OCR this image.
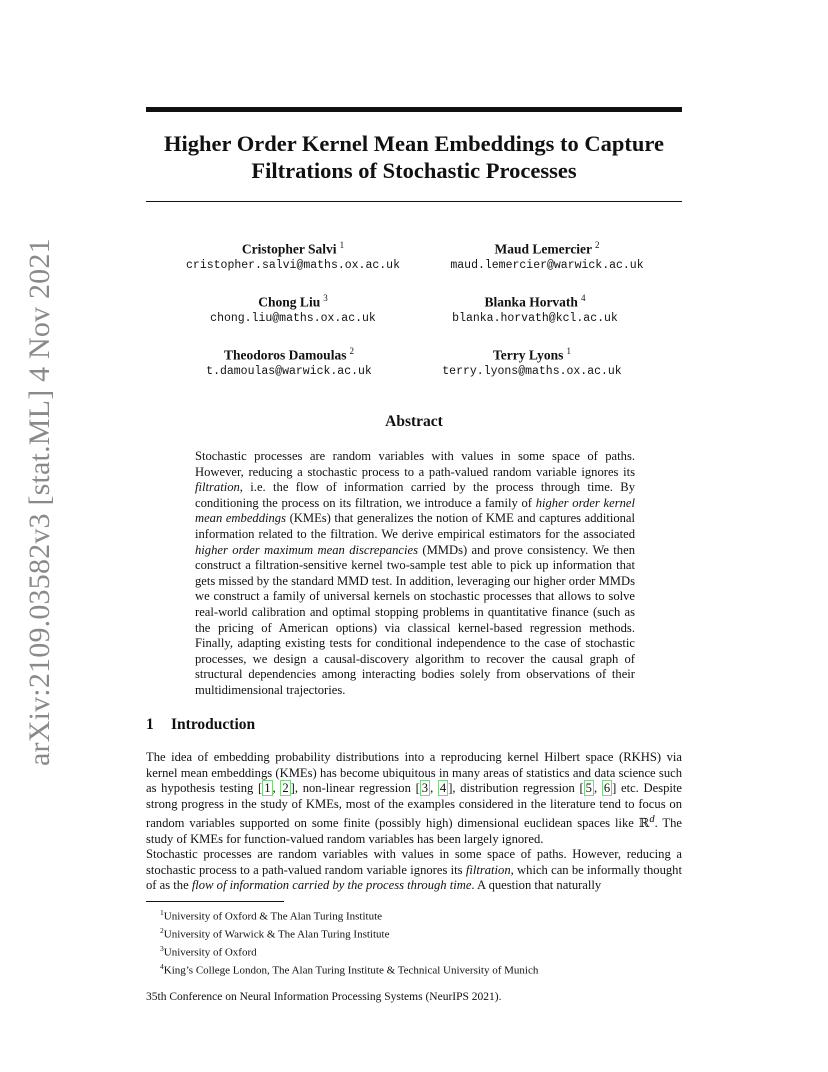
arXiv:2109.03582v3 [stat.ML] 4 Nov 2021
Higher Order Kernel Mean Embeddings to Capture
Filtrations of Stochastic Processes
Cristopher Salvi $^1$
cristopher.salvi@maths.ox.ac.uk
Maud Lemercier $^2$
maud.lemercier@warwick.ac.uk
Chong Liu $^3$
chong.liu@maths.ox.ac.uk
Blanka Horvath $^4$
blanka.horvath@kcl.ac.uk
Theodoros Damoulas $^2$
t.damoulas@warwick.ac.uk
Terry Lyons $^1$
terry.lyons@maths.ox.ac.uk
Abstract
Stochastic processes are random variables with values in some space of paths. However, reducing a stochastic process to a path-valued random variable ignores its filtration, i.e. the flow of information carried by the process through time. By conditioning the process on its filtration, we introduce a family of higher order kernel mean embeddings (KMEs) that generalizes the notion of KME and captures additional information related to the filtration. We derive empirical estimators for the associated higher order maximum mean discrepancies (MMDs) and prove consistency. We then construct a filtration-sensitive kernel two-sample test able to pick up information that gets missed by the standard MMD test. In addition, leveraging our higher order MMDs we construct a family of universal kernels on stochastic processes that allows to solve real-world calibration and optimal stopping problems in quantitative finance (such as the pricing of American options) via classical kernel-based regression methods. Finally, adapting existing tests for conditional independence to the case of stochastic processes, we design a causal-discovery algorithm to recover the causal graph of structural dependencies among interacting bodies solely from observations of their multidimensional trajectories.
1 Introduction
The idea of embedding probability distributions into a reproducing kernel Hilbert space (RKHS) via kernel mean embeddings (KMEs) has become ubiquitous in many areas of statistics and data science such as hypothesis testing [ 1 , 2 ], non-linear regression [ 3 , 4 ], distribution regression [ 5 , 6 ] etc. Despite strong progress in the study of KMEs, most of the examples considered in the literature tend to focus on random variables supported on some finite (possibly high) dimensional euclidean spaces like ℝ$^d$. The study of KMEs for function-valued random variables has been largely ignored.
Stochastic processes are random variables with values in some space of paths. However, reducing a stochastic process to a path-valued random variable ignores its filtration, which can be informally thought of as the flow of information carried by the process through time. A question that naturally
$^1$University of Oxford & The Alan Turing Institute
$^2$University of Warwick & The Alan Turing Institute
$^3$University of Oxford
$^4$King’s College London, The Alan Turing Institute & Technical University of Munich
35th Conference on Neural Information Processing Systems (NeurIPS 2021).
